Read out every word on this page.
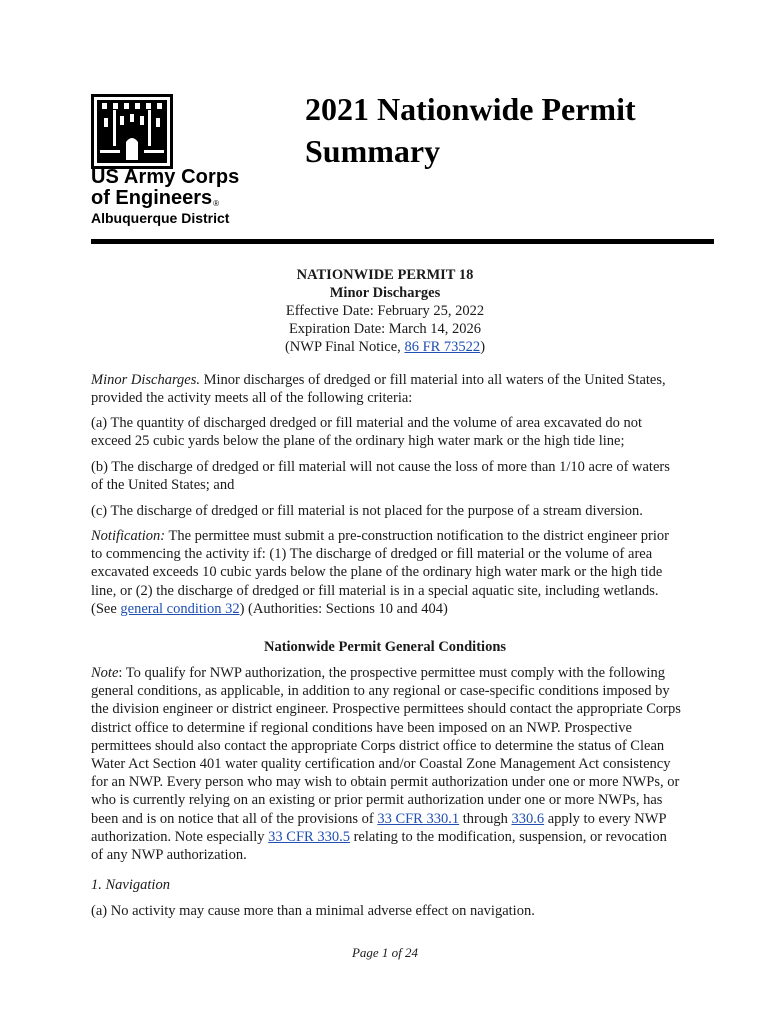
US Army Corps
of Engineers®
Albuquerque District
2021 Nationwide Permit Summary
NATIONWIDE PERMIT 18
Minor Discharges
Effective Date: February 25, 2022
Expiration Date: March 14, 2026
(NWP Final Notice, 86 FR 73522)
Minor Discharges. Minor discharges of dredged or fill material into all waters of the United States, provided the activity meets all of the following criteria:
(a) The quantity of discharged dredged or fill material and the volume of area excavated do not exceed 25 cubic yards below the plane of the ordinary high water mark or the high tide line;
(b) The discharge of dredged or fill material will not cause the loss of more than 1/10 acre of waters of the United States; and
(c) The discharge of dredged or fill material is not placed for the purpose of a stream diversion.
Notification: The permittee must submit a pre-construction notification to the district engineer prior to commencing the activity if: (1) The discharge of dredged or fill material or the volume of area excavated exceeds 10 cubic yards below the plane of the ordinary high water mark or the high tide line, or (2) the discharge of dredged or fill material is in a special aquatic site, including wetlands. (See general condition 32) (Authorities: Sections 10 and 404)
Nationwide Permit General Conditions
Note: To qualify for NWP authorization, the prospective permittee must comply with the following general conditions, as applicable, in addition to any regional or case-specific conditions imposed by the division engineer or district engineer. Prospective permittees should contact the appropriate Corps district office to determine if regional conditions have been imposed on an NWP. Prospective permittees should also contact the appropriate Corps district office to determine the status of Clean Water Act Section 401 water quality certification and/or Coastal Zone Management Act consistency for an NWP. Every person who may wish to obtain permit authorization under one or more NWPs, or who is currently relying on an existing or prior permit authorization under one or more NWPs, has been and is on notice that all of the provisions of 33 CFR 330.1 through 330.6 apply to every NWP authorization. Note especially 33 CFR 330.5 relating to the modification, suspension, or revocation of any NWP authorization.
1. Navigation
(a) No activity may cause more than a minimal adverse effect on navigation.
Page 1 of 24
